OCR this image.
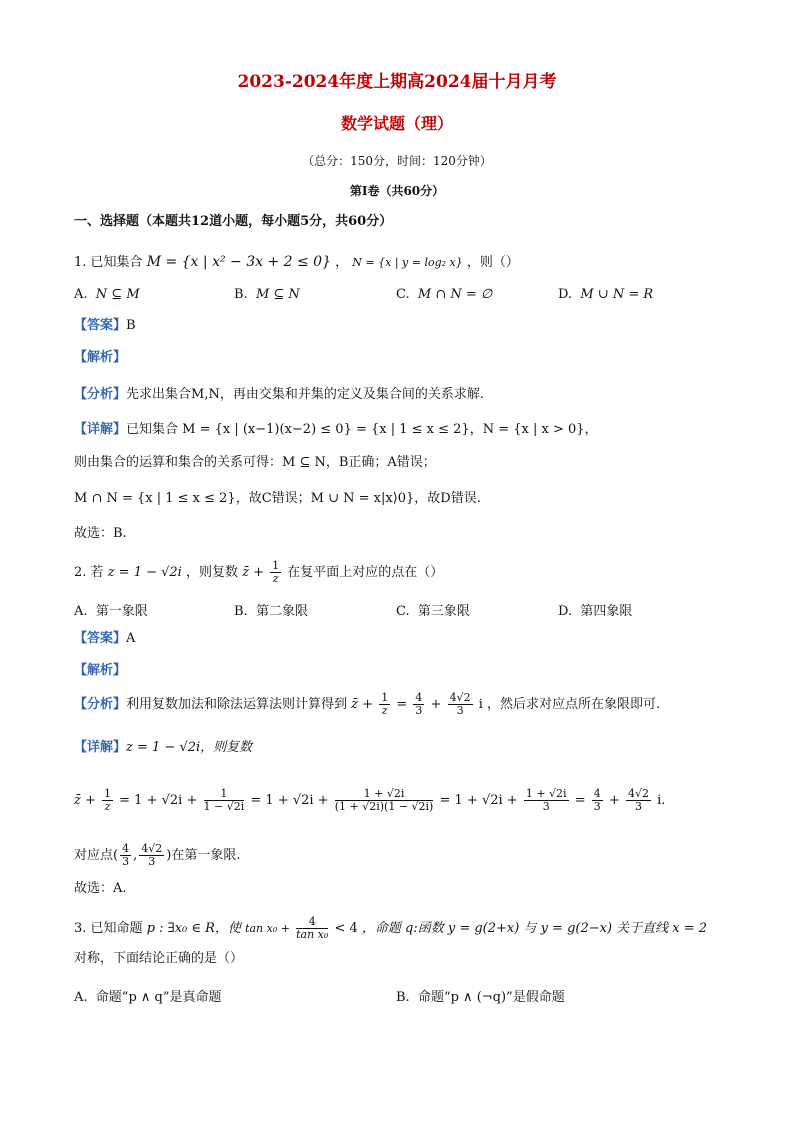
2023-2024年度上期高2024届十月月考
数学试题（理）
（总分：150分，时间：120分钟）
第Ⅰ卷（共60分）
一、选择题（本题共12道小题，每小题5分，共60分）
1. 已知集合 M = {x | x² − 3x + 2 ≤ 0} ， N = {x | y = log₂ x} ，则（）
A. N ⊆ M	B. M ⊆ N	C. M ∩ N = ∅	D. M ∪ N = R
【答案】B
【解析】
【分析】先求出集合M,N，再由交集和并集的定义及集合间的关系求解.
【详解】已知集合 M = {x | (x−1)(x−2) ≤ 0} = {x | 1 ≤ x ≤ 2}，N = {x | x > 0}，
则由集合的运算和集合的关系可得：M ⊆ N，B正确；A错误；
M ∩ N = {x | 1 ≤ x ≤ 2}，故C错误；M ∪ N = x|x⟩0}，故D错误.
故选：B.
2. 若 z = 1 − √2i ，则复数 z̄ + $\frac{1}{z}$ 在复平面上对应的点在（）
A. 第一象限	B. 第二象限	C. 第三象限	D. 第四象限
【答案】A
【解析】
【分析】利用复数加法和除法运算法则计算得到 z̄ + $\frac{1}{z} = \frac{4}{3} + \frac{4√2}{3}$ i ，然后求对应点所在象限即可.
【详解】z = 1 − √2i，则复数
z̄ + $\frac{1}{z} = 1 + √2i + \frac{1}{1 - √2i} = 1 + √2i + \frac{1 + √2i}{(1 + √2i)(1 - √2i)} = 1 + √2i + \frac{1 + √2i}{3} = \frac{4}{3} + \frac{4√2}{3} i$.
对应点( $\frac{4}{3}$ , $\frac{4√2}{3}$ )在第一象限.
故选：A.
3. 已知命题 p : ∃x₀ ∈ R，使 $\tan x_0 + \frac{4}{\text{tan x₀}} < 4$ ，命题 q:函数 y = g(2+x) 与 y = g(2−x) 关于直线 x = 2
对称，下面结论正确的是（）
A. 命题“p ∧ q”是真命题	B. 命题“p ∧ (¬q)”是假命题
